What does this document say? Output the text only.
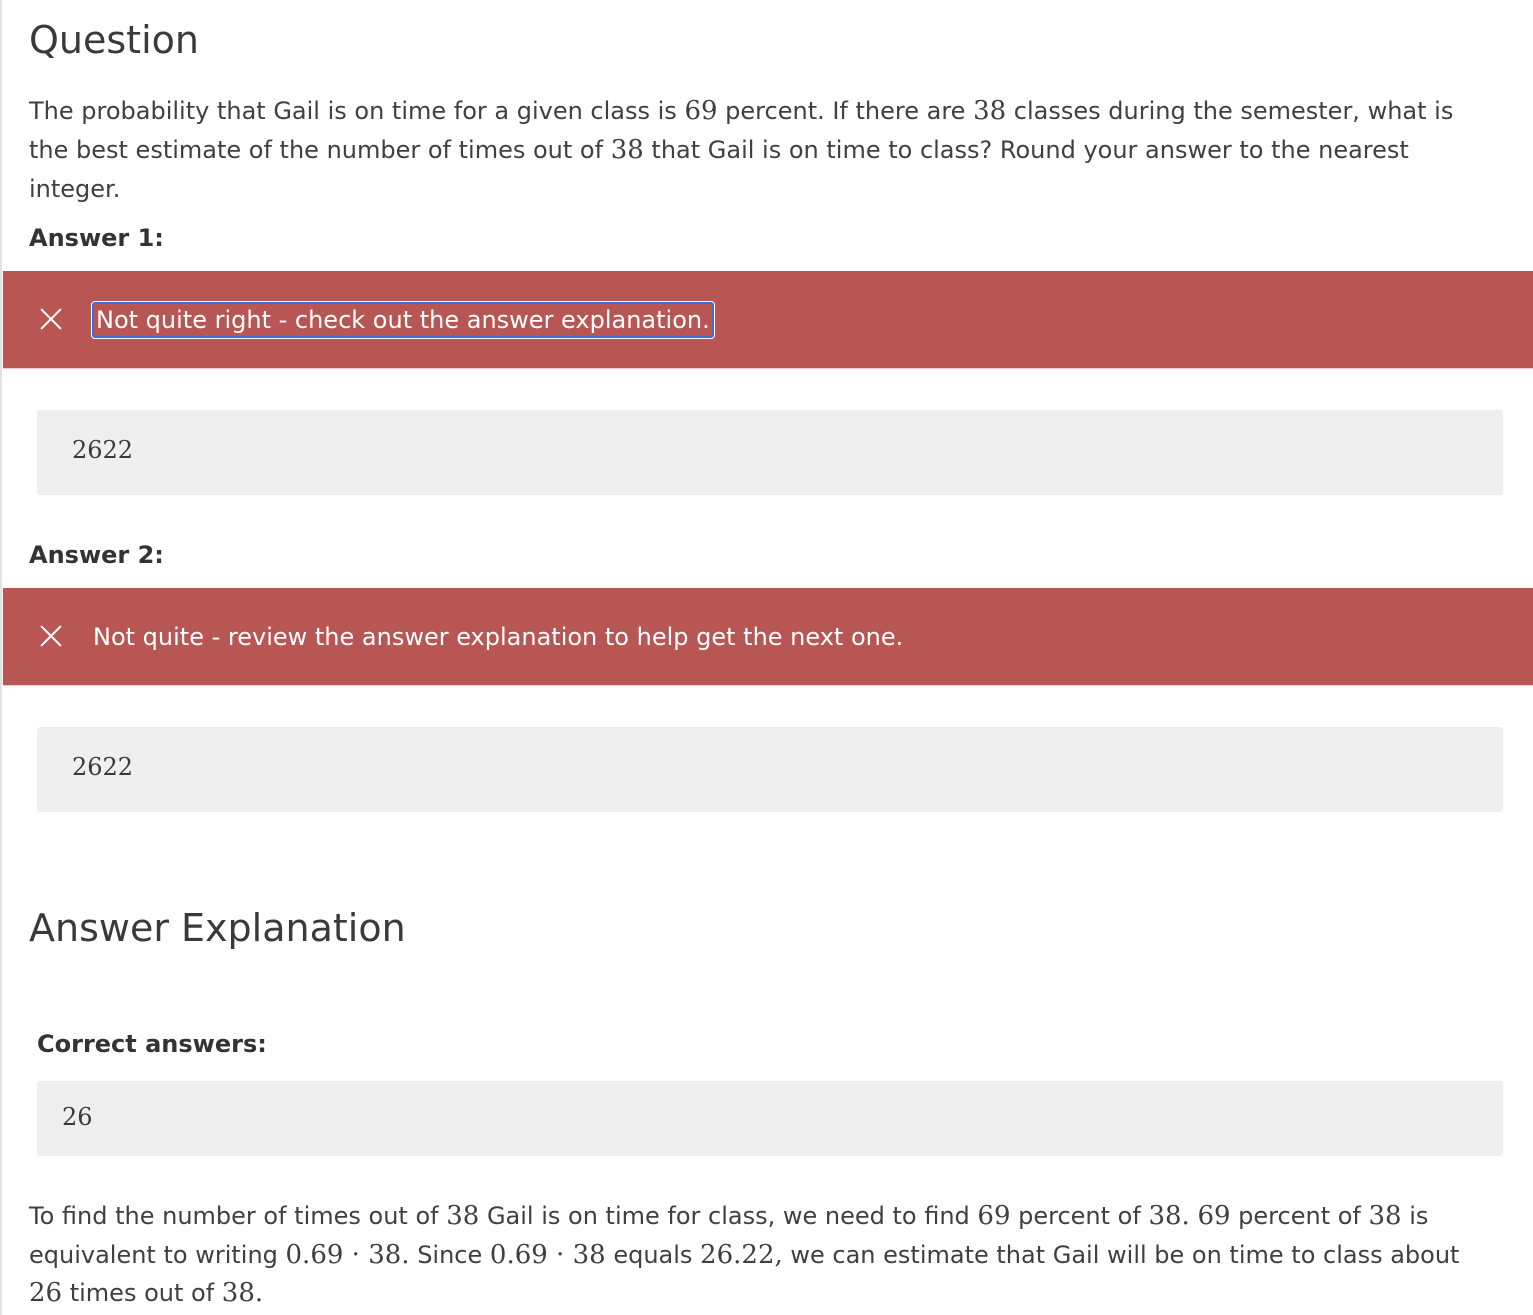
Question

The probability that Gail is on time for a given class is 69 percent. If there are 38 classes during the semester, what is the best estimate of the number of times out of 38 that Gail is on time to class? Round your answer to the nearest integer.

Answer 1:
Not quite right - check out the answer explanation.
2622
Answer 2:
Not quite - review the answer explanation to help get the next one.
2622
Answer Explanation
Correct answers:
26

To find the number of times out of 38 Gail is on time for class, we need to find 69 percent of 38. 69 percent of 38 is equivalent to writing 0.69 · 38. Since 0.69 · 38 equals 26.22, we can estimate that Gail will be on time to class about 26 times out of 38.
